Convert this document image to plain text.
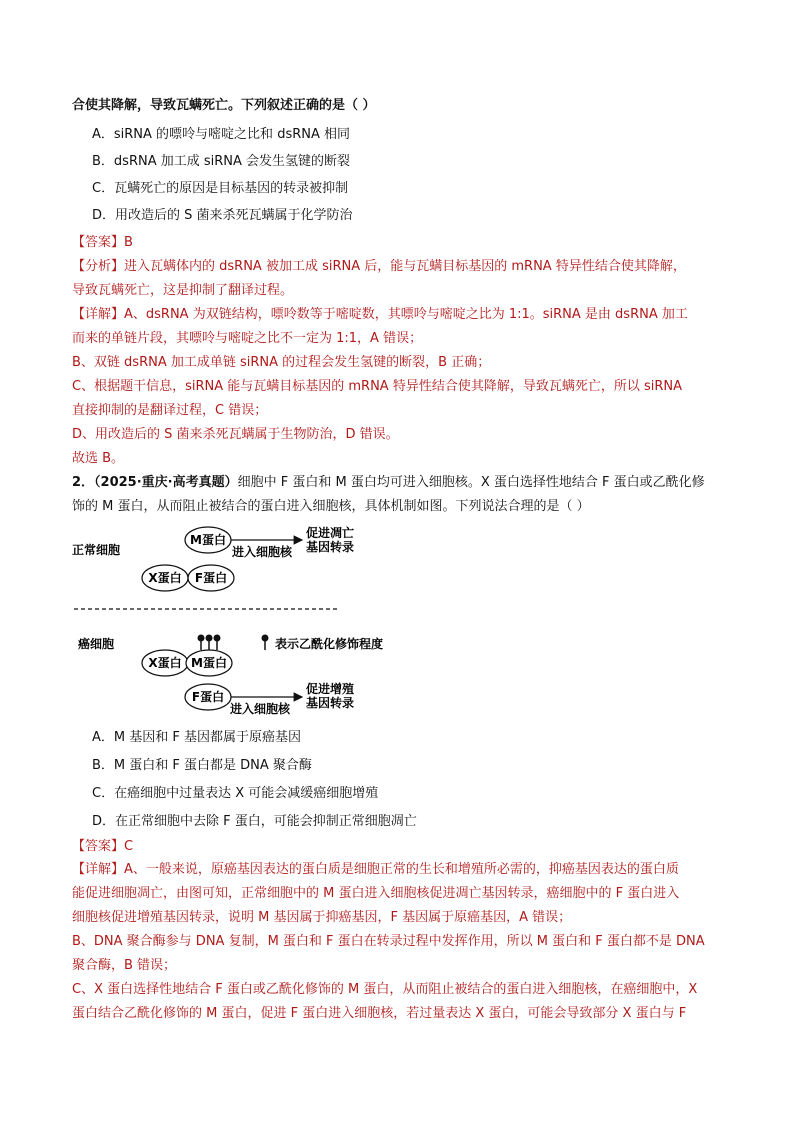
合使其降解，导致瓦螨死亡。下列叙述正确的是（ ）
A．siRNA 的嘌呤与嘧啶之比和 dsRNA 相同
B．dsRNA 加工成 siRNA 会发生氢键的断裂
C．瓦螨死亡的原因是目标基因的转录被抑制
D．用改造后的 S 菌来杀死瓦螨属于化学防治
【答案】B
【分析】进入瓦螨体内的 dsRNA 被加工成 siRNA 后，能与瓦螨目标基因的 mRNA 特异性结合使其降解，
导致瓦螨死亡，这是抑制了翻译过程。
【详解】A、dsRNA 为双链结构，嘌呤数等于嘧啶数，其嘌呤与嘧啶之比为 1:1。siRNA 是由 dsRNA 加工
而来的单链片段，其嘌呤与嘧啶之比不一定为 1:1，A 错误；
B、双链 dsRNA 加工成单链 siRNA 的过程会发生氢键的断裂，B 正确；
C、根据题干信息，siRNA 能与瓦螨目标基因的 mRNA 特异性结合使其降解，导致瓦螨死亡，所以 siRNA
直接抑制的是翻译过程，C 错误；
D、用改造后的 S 菌来杀死瓦螨属于生物防治，D 错误。
故选 B。
2．（2025·重庆·高考真题）细胞中 F 蛋白和 M 蛋白均可进入细胞核。X 蛋白选择性地结合 F 蛋白或乙酰化修
饰的 M 蛋白，从而阻止被结合的蛋白进入细胞核，具体机制如图。下列说法合理的是（ ）
正常细胞
M蛋白
进入细胞核
促进凋亡
基因转录
X蛋白 F蛋白
癌细胞
X蛋白 M蛋白
表示乙酰化修饰程度
F蛋白
进入细胞核
促进增殖
基因转录
A．M 基因和 F 基因都属于原癌基因
B．M 蛋白和 F 蛋白都是 DNA 聚合酶
C．在癌细胞中过量表达 X 可能会减缓癌细胞增殖
D．在正常细胞中去除 F 蛋白，可能会抑制正常细胞凋亡
【答案】C
【详解】A、一般来说，原癌基因表达的蛋白质是细胞正常的生长和增殖所必需的，抑癌基因表达的蛋白质
能促进细胞凋亡，由图可知，正常细胞中的 M 蛋白进入细胞核促进凋亡基因转录，癌细胞中的 F 蛋白进入
细胞核促进增殖基因转录，说明 M 基因属于抑癌基因，F 基因属于原癌基因，A 错误；
B、DNA 聚合酶参与 DNA 复制，M 蛋白和 F 蛋白在转录过程中发挥作用，所以 M 蛋白和 F 蛋白都不是 DNA
聚合酶，B 错误；
C、X 蛋白选择性地结合 F 蛋白或乙酰化修饰的 M 蛋白，从而阻止被结合的蛋白进入细胞核，在癌细胞中，X
蛋白结合乙酰化修饰的 M 蛋白，促进 F 蛋白进入细胞核，若过量表达 X 蛋白，可能会导致部分 X 蛋白与 F
